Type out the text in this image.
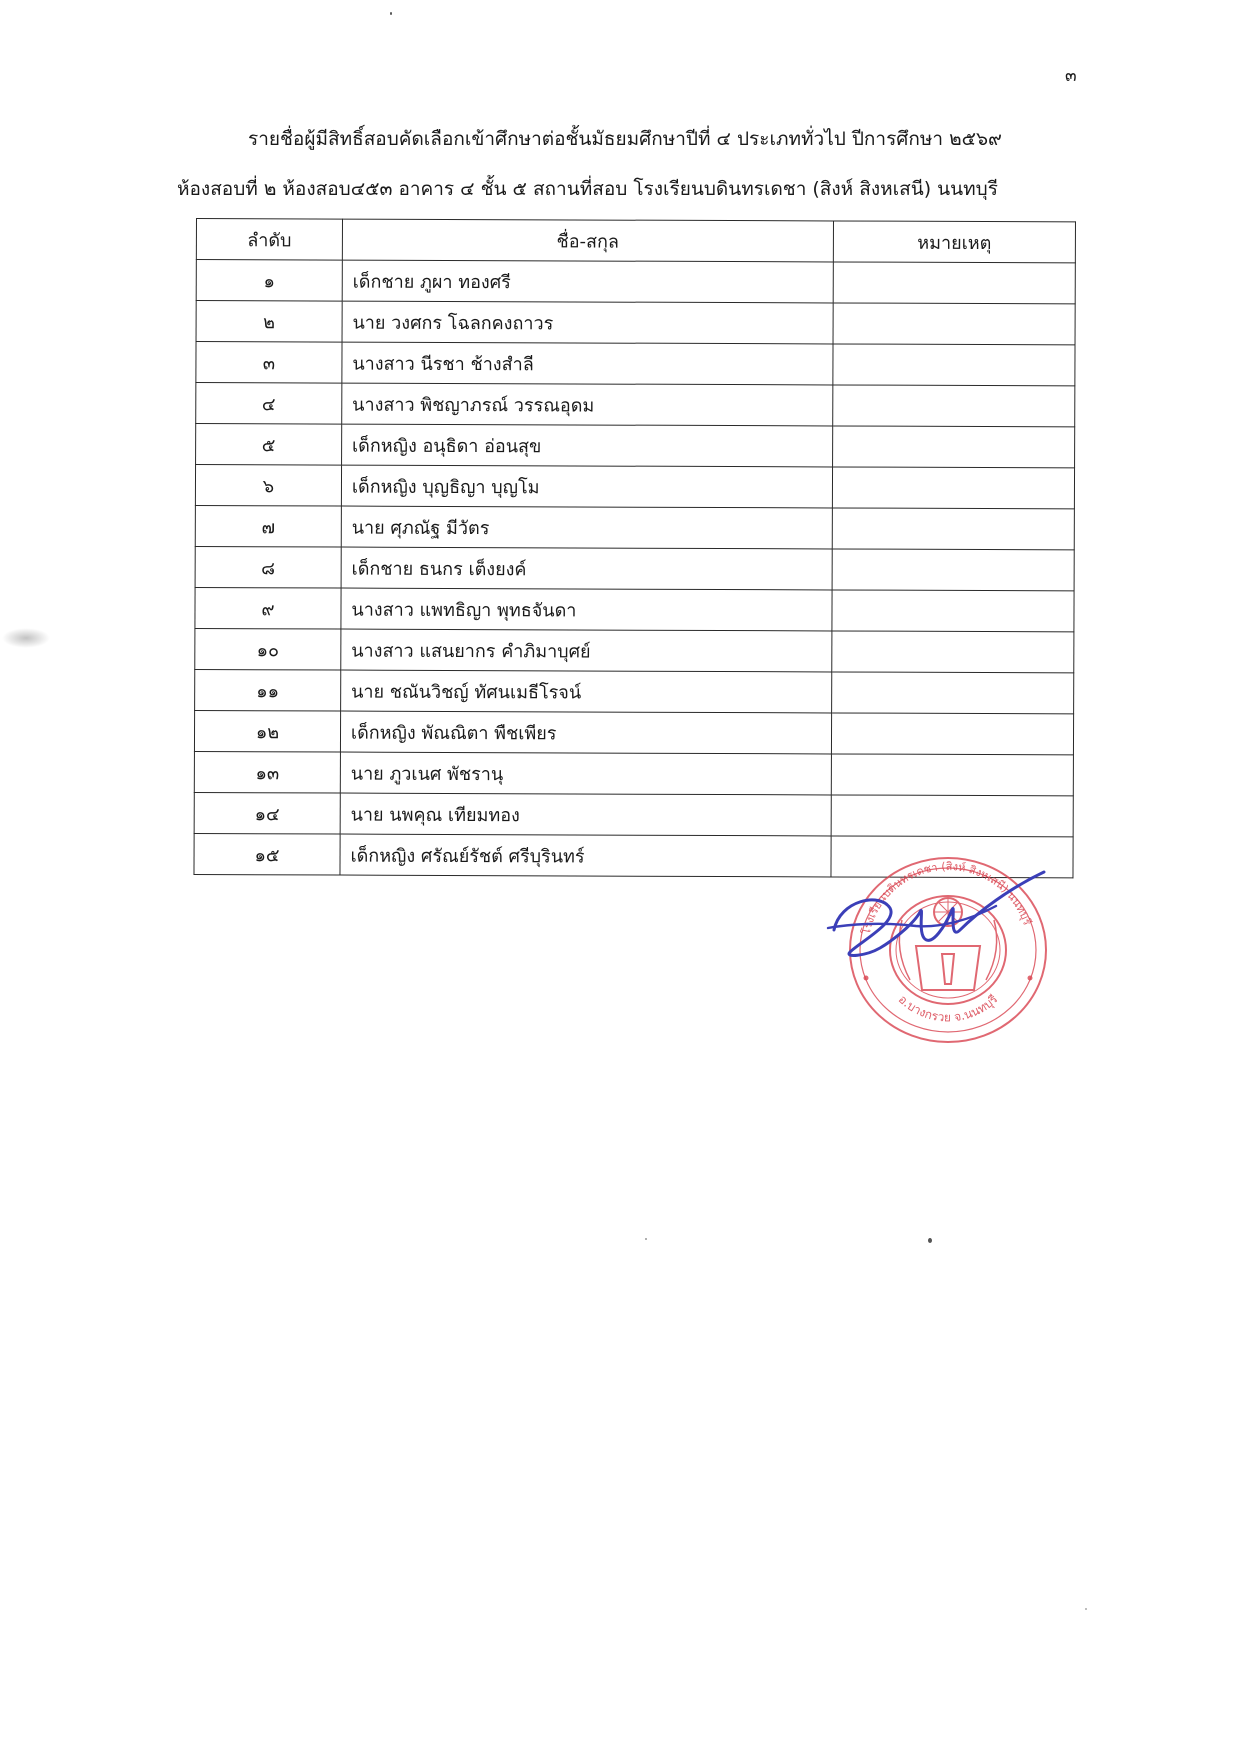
๓
รายชื่อผู้มีสิทธิ์สอบคัดเลือกเข้าศึกษาต่อชั้นมัธยมศึกษาปีที่ ๔ ประเภททั่วไป ปีการศึกษา ๒๕๖๙
ห้องสอบที่ ๒ ห้องสอบ๔๕๓ อาคาร ๔ ชั้น ๕ สถานที่สอบ โรงเรียนบดินทรเดชา (สิงห์ สิงหเสนี) นนทบุรี
ลำดับ	ชื่อ-สกุล	หมายเหตุ
๑	เด็กชาย ภูผา ทองศรี	
๒	นาย วงศกร โฉลกคงถาวร	
๓	นางสาว นีรชา ช้างสำลี	
๔	นางสาว พิชญาภรณ์ วรรณอุดม	
๕	เด็กหญิง อนุธิดา อ่อนสุข	
๖	เด็กหญิง บุญธิญา บุญโม	
๗	นาย ศุภณัฐ มีวัตร	
๘	เด็กชาย ธนกร เต็งยงค์	
๙	นางสาว แพทธิญา พุทธจันดา	
๑๐	นางสาว แสนยากร คำภิมาบุศย์	
๑๑	นาย ชณันวิชญ์ ทัศนเมธีโรจน์	
๑๒	เด็กหญิง พัณณิตา พืชเพียร	
๑๓	นาย ภูวเนศ พัชรานุ	
๑๔	นาย นพคุณ เทียมทอง	
๑๕	เด็กหญิง ศรัณย์รัชต์ ศรีบุรินทร์	
โรงเรียนบดินทรเดชา (สิงห์ สิงหเสนี) นนทบุรี
อ.บางกรวย จ.นนทบุรี
